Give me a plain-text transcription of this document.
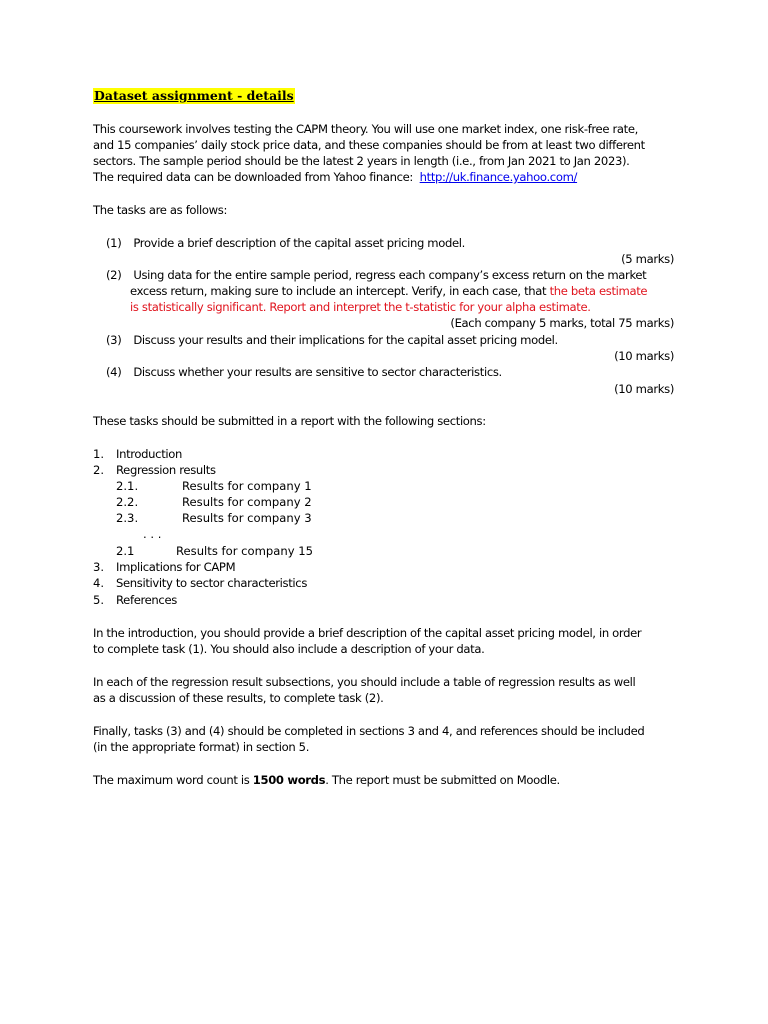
Dataset assignment - details
This coursework involves testing the CAPM theory. You will use one market index, one risk-free rate,
and 15 companies’ daily stock price data, and these companies should be from at least two different
sectors. The sample period should be the latest 2 years in length (i.e., from Jan 2021 to Jan 2023).
The required data can be downloaded from Yahoo finance: http://uk.finance.yahoo.com/
The tasks are as follows:
(1) Provide a brief description of the capital asset pricing model.
(5 marks)
(2) Using data for the entire sample period, regress each company’s excess return on the market
excess return, making sure to include an intercept. Verify, in each case, that the beta estimate
is statistically significant. Report and interpret the t-statistic for your alpha estimate.
(Each company 5 marks, total 75 marks)
(3) Discuss your results and their implications for the capital asset pricing model.
(10 marks)
(4) Discuss whether your results are sensitive to sector characteristics.
(10 marks)
These tasks should be submitted in a report with the following sections:
1. Introduction
2. Regression results
2.1.	Results for company 1
2.2.	Results for company 2
2.3.	Results for company 3
. . .
2.1	Results for company 15
3. Implications for CAPM
4. Sensitivity to sector characteristics
5. References
In the introduction, you should provide a brief description of the capital asset pricing model, in order
to complete task (1). You should also include a description of your data.
In each of the regression result subsections, you should include a table of regression results as well
as a discussion of these results, to complete task (2).
Finally, tasks (3) and (4) should be completed in sections 3 and 4, and references should be included
(in the appropriate format) in section 5.
The maximum word count is 1500 words. The report must be submitted on Moodle.
